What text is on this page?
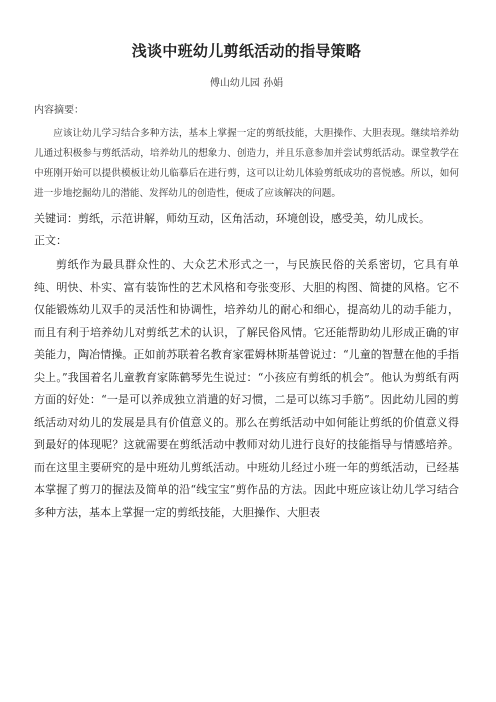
浅谈中班幼儿剪纸活动的指导策略
傅山幼儿园 孙娟
内容摘要：
应该让幼儿学习结合多种方法，基本上掌握一定的剪纸技能，大胆操作、大胆表现。继续培养幼儿通过积极参与剪纸活动，培养幼儿的想象力、创造力，并且乐意参加并尝试剪纸活动。课堂教学在中班刚开始可以提供模板让幼儿临摹后在进行剪，这可以让幼儿体验剪纸成功的喜悦感。所以，如何进一步地挖掘幼儿的潜能、发挥幼儿的创造性，便成了应该解决的问题。
关键词：剪纸，示范讲解，师幼互动，区角活动，环境创设，感受美，幼儿成长。
正文：
剪纸作为最具群众性的、大众艺术形式之一，与民族民俗的关系密切，它具有单纯、明快、朴实、富有装饰性的艺术风格和夸张变形、大胆的构图、简捷的风格。它不仅能锻炼幼儿双手的灵活性和协调性，培养幼儿的耐心和细心，提高幼儿的动手能力，而且有利于培养幼儿对剪纸艺术的认识，了解民俗风情。它还能帮助幼儿形成正确的审美能力，陶冶情操。正如前苏联着名教育家霍姆林斯基曾说过：“儿童的智慧在他的手指尖上。”我国着名儿童教育家陈鹤琴先生说过：“小孩应有剪纸的机会”。他认为剪纸有两方面的好处：“一是可以养成独立消遣的好习惯，二是可以练习手筋”。因此幼儿园的剪纸活动对幼儿的发展是具有价值意义的。那么在剪纸活动中如何能让剪纸的价值意义得到最好的体现呢？这就需要在剪纸活动中教师对幼儿进行良好的技能指导与情感培养。而在这里主要研究的是中班幼儿剪纸活动。中班幼儿经过小班一年的剪纸活动，已经基本掌握了剪刀的握法及简单的沿“线宝宝”剪作品的方法。因此中班应该让幼儿学习结合多种方法，基本上掌握一定的剪纸技能，大胆操作、大胆表
